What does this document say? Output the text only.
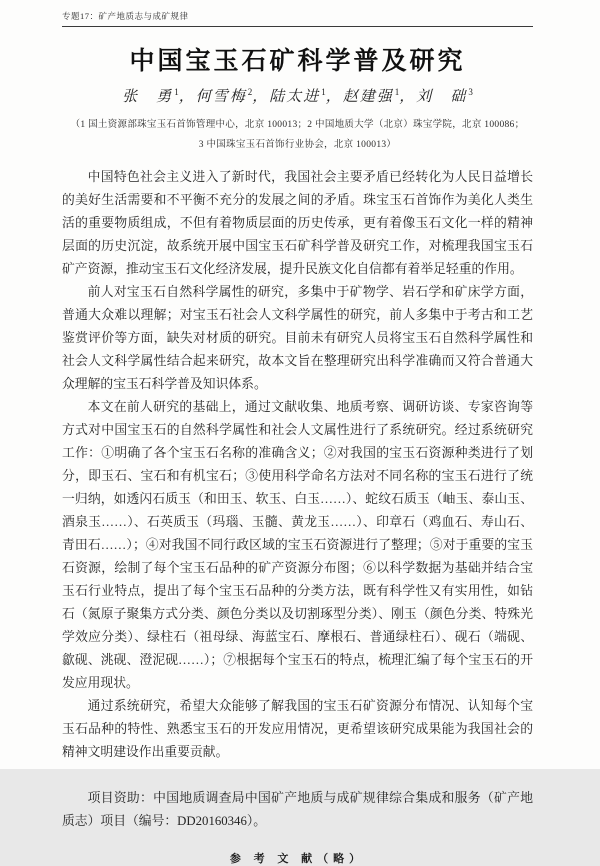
专题17：矿产地质志与成矿规律
中国宝玉石矿科学普及研究
张　勇$^1$，何雪梅$^2$，陆太进$^1$，赵建强$^1$，刘　础$^3$
（1 国土资源部珠宝玉石首饰管理中心，北京 100013；2 中国地质大学（北京）珠宝学院，北京 100086；
3 中国珠宝玉石首饰行业协会，北京 100013）

中国特色社会主义进入了新时代，我国社会主要矛盾已经转化为人民日益增长的美好生活需要和不平衡不充分的发展之间的矛盾。珠宝玉石首饰作为美化人类生活的重要物质组成，不但有着物质层面的历史传承，更有着像玉石文化一样的精神层面的历史沉淀，故系统开展中国宝玉石矿科学普及研究工作，对梳理我国宝玉石矿产资源，推动宝玉石文化经济发展，提升民族文化自信都有着举足轻重的作用。

前人对宝玉石自然科学属性的研究，多集中于矿物学、岩石学和矿床学方面，普通大众难以理解；对宝玉石社会人文科学属性的研究，前人多集中于考古和工艺鉴赏评价等方面，缺失对材质的研究。目前未有研究人员将宝玉石自然科学属性和社会人文科学属性结合起来研究，故本文旨在整理研究出科学准确而又符合普通大众理解的宝玉石科学普及知识体系。

本文在前人研究的基础上，通过文献收集、地质考察、调研访谈、专家咨询等方式对中国宝玉石的自然科学属性和社会人文属性进行了系统研究。经过系统研究工作：①明确了各个宝玉石名称的准确含义；②对我国的宝玉石资源种类进行了划分，即玉石、宝石和有机宝石；③使用科学命名方法对不同名称的宝玉石进行了统一归纳，如透闪石质玉（和田玉、软玉、白玉……）、蛇纹石质玉（岫玉、泰山玉、酒泉玉……）、石英质玉（玛瑙、玉髓、黄龙玉……）、印章石（鸡血石、寿山石、青田石……）；④对我国不同行政区域的宝玉石资源进行了整理；⑤对于重要的宝玉石资源，绘制了每个宝玉石品种的矿产资源分布图；⑥以科学数据为基础并结合宝玉石行业特点，提出了每个宝玉石品种的分类方法，既有科学性又有实用性，如钻石（氮原子聚集方式分类、颜色分类以及切割琢型分类）、刚玉（颜色分类、特殊光学效应分类）、绿柱石（祖母绿、海蓝宝石、摩根石、普通绿柱石）、砚石（端砚、歙砚、洮砚、澄泥砚……）；⑦根据每个宝玉石的特点，梳理汇编了每个宝玉石的开发应用现状。

通过系统研究，希望大众能够了解我国的宝玉石矿资源分布情况、认知每个宝玉石品种的特性、熟悉宝玉石的开发应用情况，更希望该研究成果能为我国社会的精神文明建设作出重要贡献。

项目资助：中国地质调查局中国矿产地质与成矿规律综合集成和服务（矿产地质志）项目（编号：DD20160346）。

参 考 文 献（略）
